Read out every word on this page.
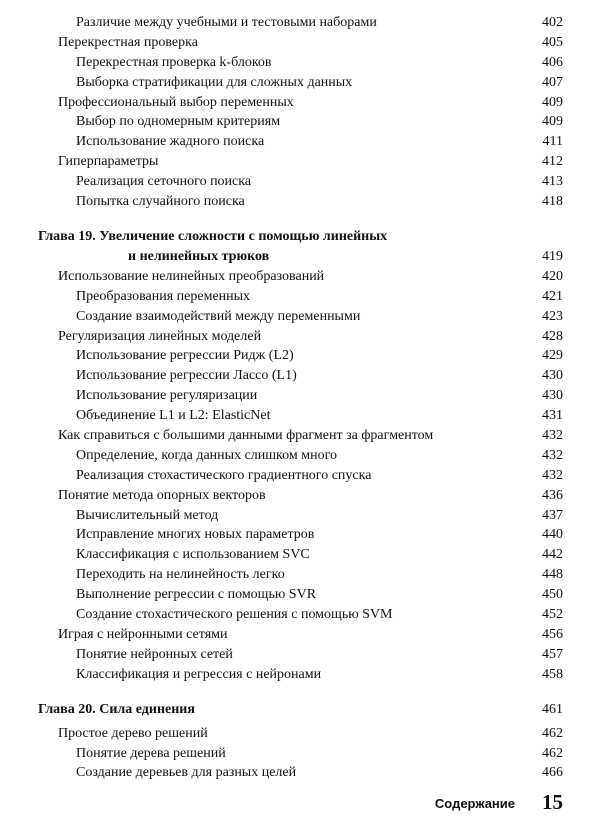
Различие между учебными и тестовыми наборами	402
Перекрестная проверка	405
Перекрестная проверка k-блоков	406
Выборка стратификации для сложных данных	407
Профессиональный выбор переменных	409
Выбор по одномерным критериям	409
Использование жадного поиска	411
Гиперпараметры	412
Реализация сеточного поиска	413
Попытка случайного поиска	418
Глава 19. Увеличение сложности с помощью линейных
и нелинейных трюков	419
Использование нелинейных преобразований	420
Преобразования переменных	421
Создание взаимодействий между переменными	423
Регуляризация линейных моделей	428
Использование регрессии Ридж (L2)	429
Использование регрессии Лассо (L1)	430
Использование регуляризации	430
Объединение L1 и L2: ElasticNet	431
Как справиться с большими данными фрагмент за фрагментом	432
Определение, когда данных слишком много	432
Реализация стохастического градиентного спуска	432
Понятие метода опорных векторов	436
Вычислительный метод	437
Исправление многих новых параметров	440
Классификация с использованием SVC	442
Переходить на нелинейность легко	448
Выполнение регрессии с помощью SVR	450
Создание стохастического решения с помощью SVM	452
Играя с нейронными сетями	456
Понятие нейронных сетей	457
Классификация и регрессия с нейронами	458
Глава 20. Сила единения	461
Простое дерево решений	462
Понятие дерева решений	462
Создание деревьев для разных целей	466
Содержание 15
